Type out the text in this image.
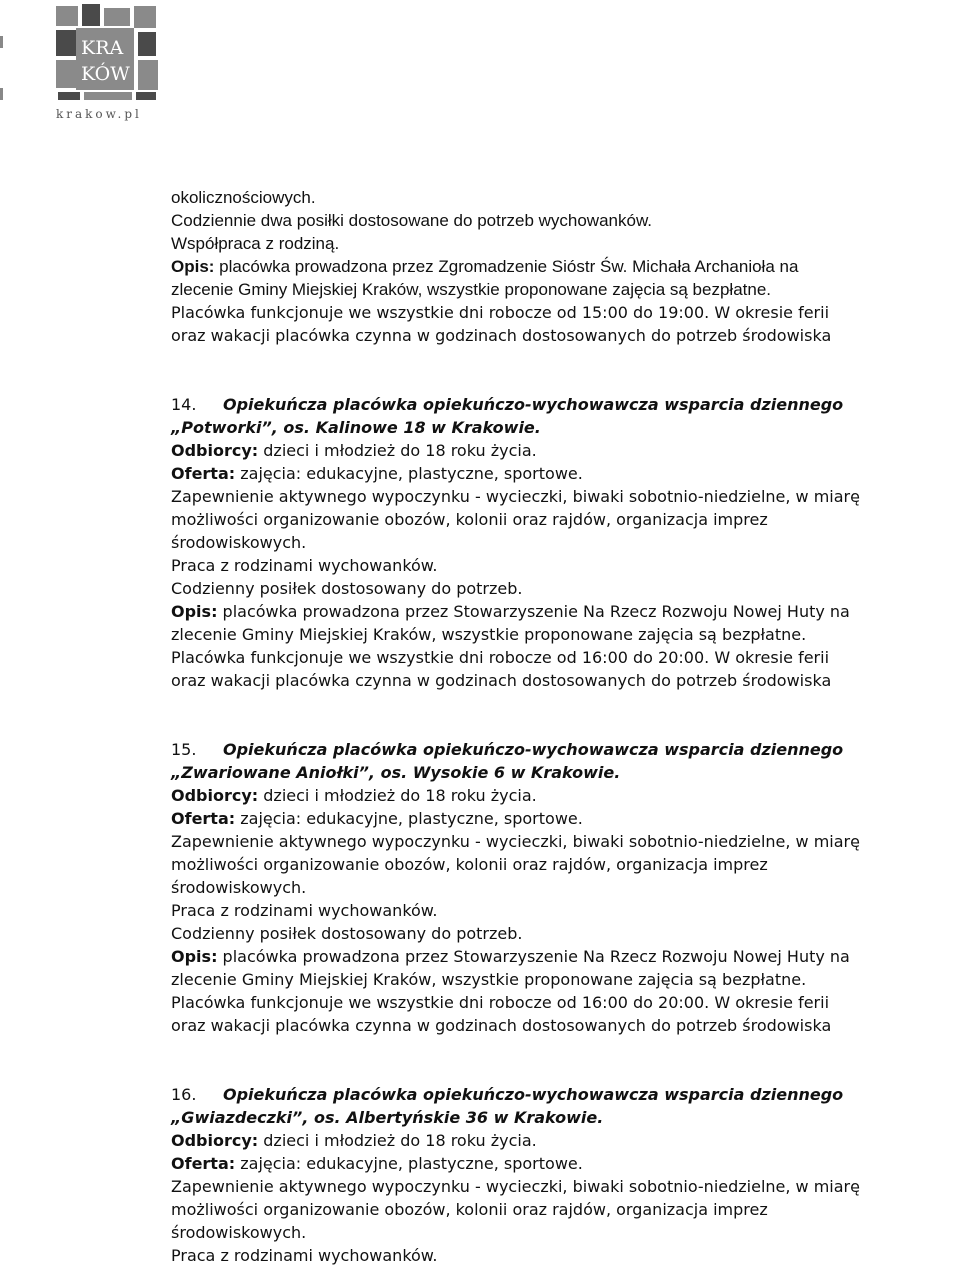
KRA
KÓW
krakow.pl
okolicznościowych.
Codziennie dwa posiłki dostosowane do potrzeb wychowanków.
Współpraca z rodziną.
Opis: placówka prowadzona przez Zgromadzenie Sióstr Św. Michała Archanioła na
zlecenie Gminy Miejskiej Kraków, wszystkie proponowane zajęcia są bezpłatne.
Placówka funkcjonuje we wszystkie dni robocze od 15:00 do 19:00. W okresie ferii
oraz wakacji placówka czynna w godzinach dostosowanych do potrzeb środowiska
14. Opiekuńcza placówka opiekuńczo-wychowawcza wsparcia dziennego
„Potworki”, os. Kalinowe 18 w Krakowie.
Odbiorcy: dzieci i młodzież do 18 roku życia.
Oferta: zajęcia: edukacyjne, plastyczne, sportowe.
Zapewnienie aktywnego wypoczynku - wycieczki, biwaki sobotnio-niedzielne, w miarę
możliwości organizowanie obozów, kolonii oraz rajdów, organizacja imprez
środowiskowych.
Praca z rodzinami wychowanków.
Codzienny posiłek dostosowany do potrzeb.
Opis: placówka prowadzona przez Stowarzyszenie Na Rzecz Rozwoju Nowej Huty na
zlecenie Gminy Miejskiej Kraków, wszystkie proponowane zajęcia są bezpłatne.
Placówka funkcjonuje we wszystkie dni robocze od 16:00 do 20:00. W okresie ferii
oraz wakacji placówka czynna w godzinach dostosowanych do potrzeb środowiska
15. Opiekuńcza placówka opiekuńczo-wychowawcza wsparcia dziennego
„Zwariowane Aniołki”, os. Wysokie 6 w Krakowie.
Odbiorcy: dzieci i młodzież do 18 roku życia.
Oferta: zajęcia: edukacyjne, plastyczne, sportowe.
Zapewnienie aktywnego wypoczynku - wycieczki, biwaki sobotnio-niedzielne, w miarę
możliwości organizowanie obozów, kolonii oraz rajdów, organizacja imprez
środowiskowych.
Praca z rodzinami wychowanków.
Codzienny posiłek dostosowany do potrzeb.
Opis: placówka prowadzona przez Stowarzyszenie Na Rzecz Rozwoju Nowej Huty na
zlecenie Gminy Miejskiej Kraków, wszystkie proponowane zajęcia są bezpłatne.
Placówka funkcjonuje we wszystkie dni robocze od 16:00 do 20:00. W okresie ferii
oraz wakacji placówka czynna w godzinach dostosowanych do potrzeb środowiska
16. Opiekuńcza placówka opiekuńczo-wychowawcza wsparcia dziennego
„Gwiazdeczki”, os. Albertyńskie 36 w Krakowie.
Odbiorcy: dzieci i młodzież do 18 roku życia.
Oferta: zajęcia: edukacyjne, plastyczne, sportowe.
Zapewnienie aktywnego wypoczynku - wycieczki, biwaki sobotnio-niedzielne, w miarę
możliwości organizowanie obozów, kolonii oraz rajdów, organizacja imprez
środowiskowych.
Praca z rodzinami wychowanków.
